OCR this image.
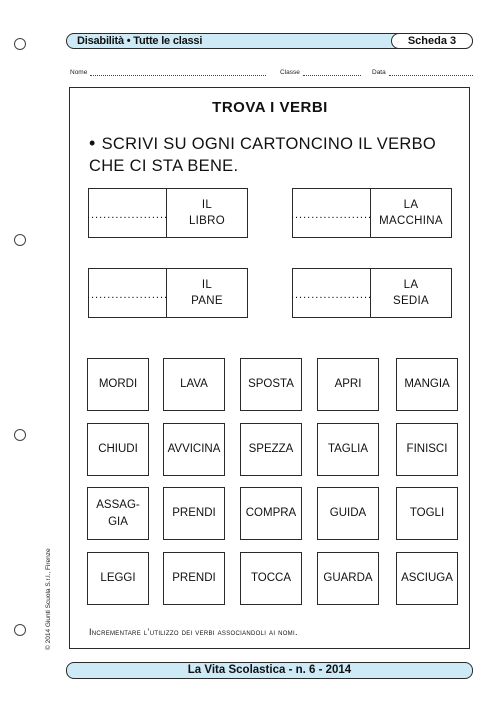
Disabilità • Tutte le classi	Scheda 3
Nome	Classe	Data
TROVA I VERBI
• SCRIVI SU OGNI CARTONCINO IL VERBO CHE CI STA BENE.
....................
IL
LIBRO
....................
LA
MACCHINA
....................
IL
PANE
....................
LA
SEDIA
MORDI	LAVA	SPOSTA	APRI	MANGIA
CHIUDI	AVVICINA	SPEZZA	TAGLIA	FINISCI
ASSAG-
GIA
PRENDI	COMPRA	GUIDA	TOGLI
LEGGI	PRENDI	TOCCA	GUARDA	ASCIUGA
Incrementare l’utilizzo dei verbi associandoli ai nomi.
© 2014 Giunti Scuola S.r.l., Firenze
La Vita Scolastica - n. 6 - 2014
